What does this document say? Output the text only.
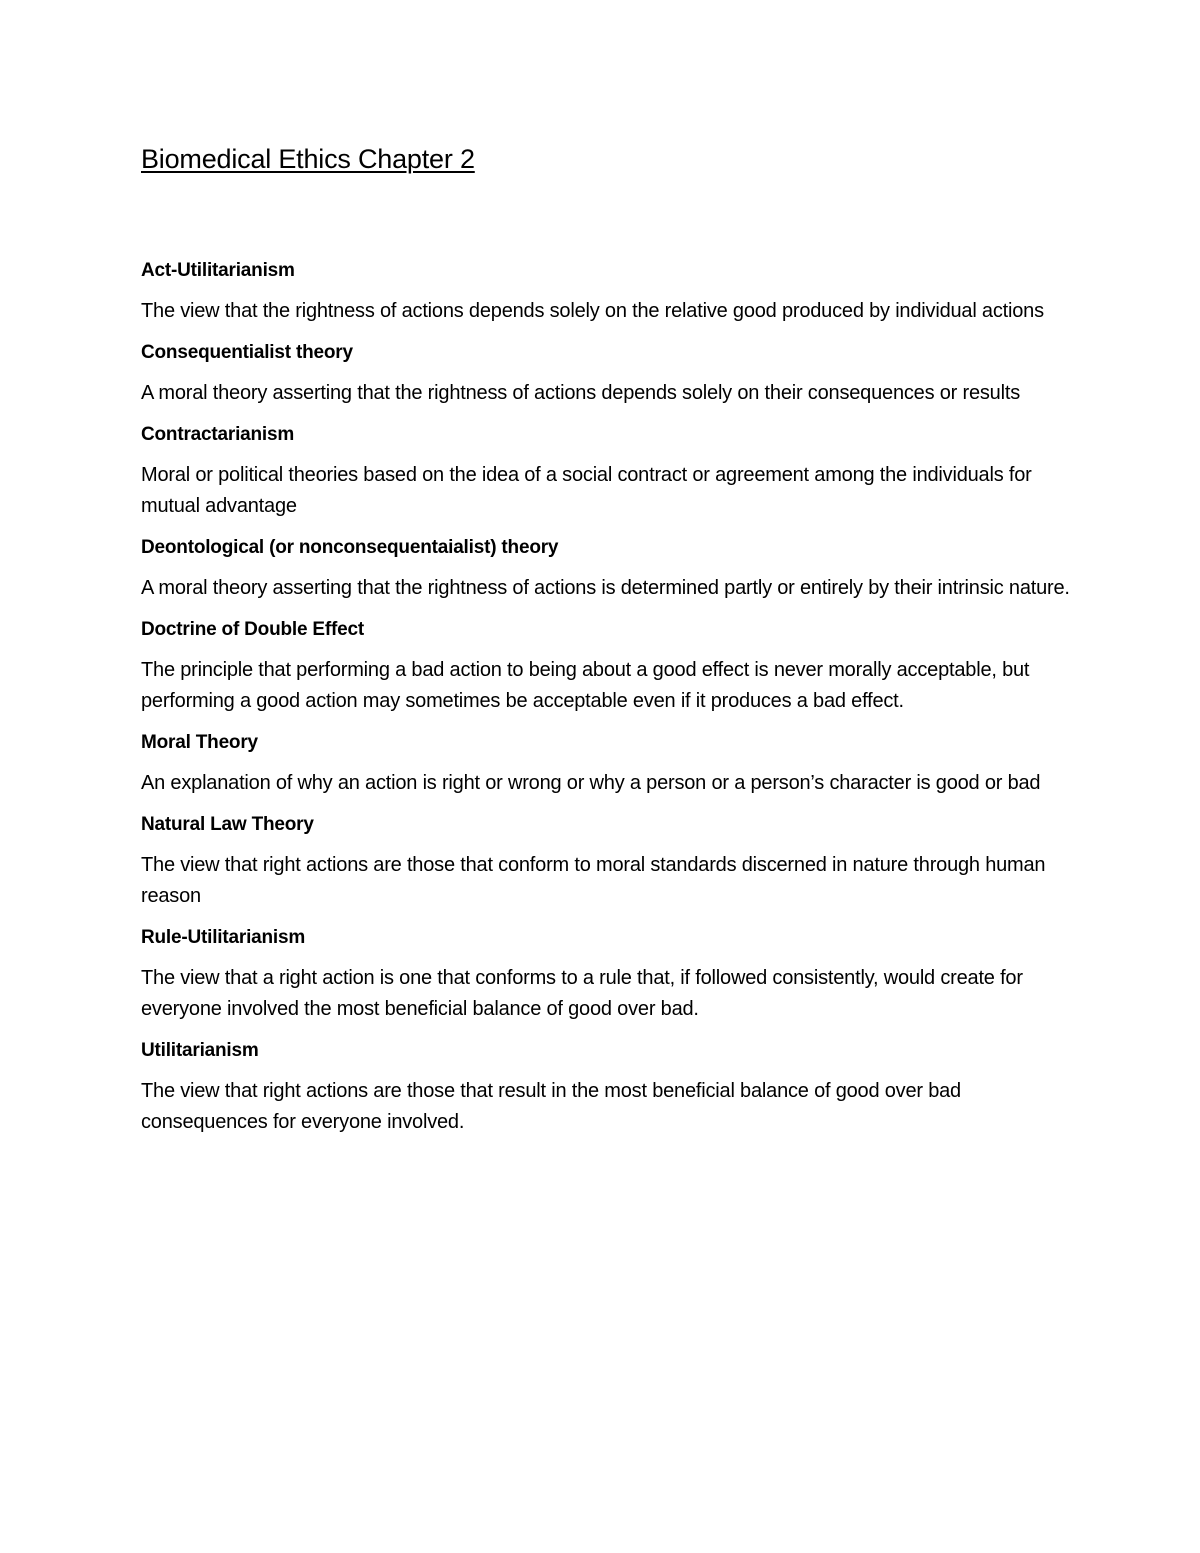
Biomedical Ethics Chapter 2

Act-Utilitarianism

The view that the rightness of actions depends solely on the relative good produced by individual actions

Consequentialist theory

A moral theory asserting that the rightness of actions depends solely on their consequences or results

Contractarianism

Moral or political theories based on the idea of a social contract or agreement among the individuals for mutual advantage

Deontological (or nonconsequentaialist) theory

A moral theory asserting that the rightness of actions is determined partly or entirely by their intrinsic nature.

Doctrine of Double Effect

The principle that performing a bad action to being about a good effect is never morally acceptable, but performing a good action may sometimes be acceptable even if it produces a bad effect.

Moral Theory

An explanation of why an action is right or wrong or why a person or a person’s character is good or bad

Natural Law Theory

The view that right actions are those that conform to moral standards discerned in nature through human reason

Rule-Utilitarianism

The view that a right action is one that conforms to a rule that, if followed consistently, would create for everyone involved the most beneficial balance of good over bad.

Utilitarianism

The view that right actions are those that result in the most beneficial balance of good over bad consequences for everyone involved.
